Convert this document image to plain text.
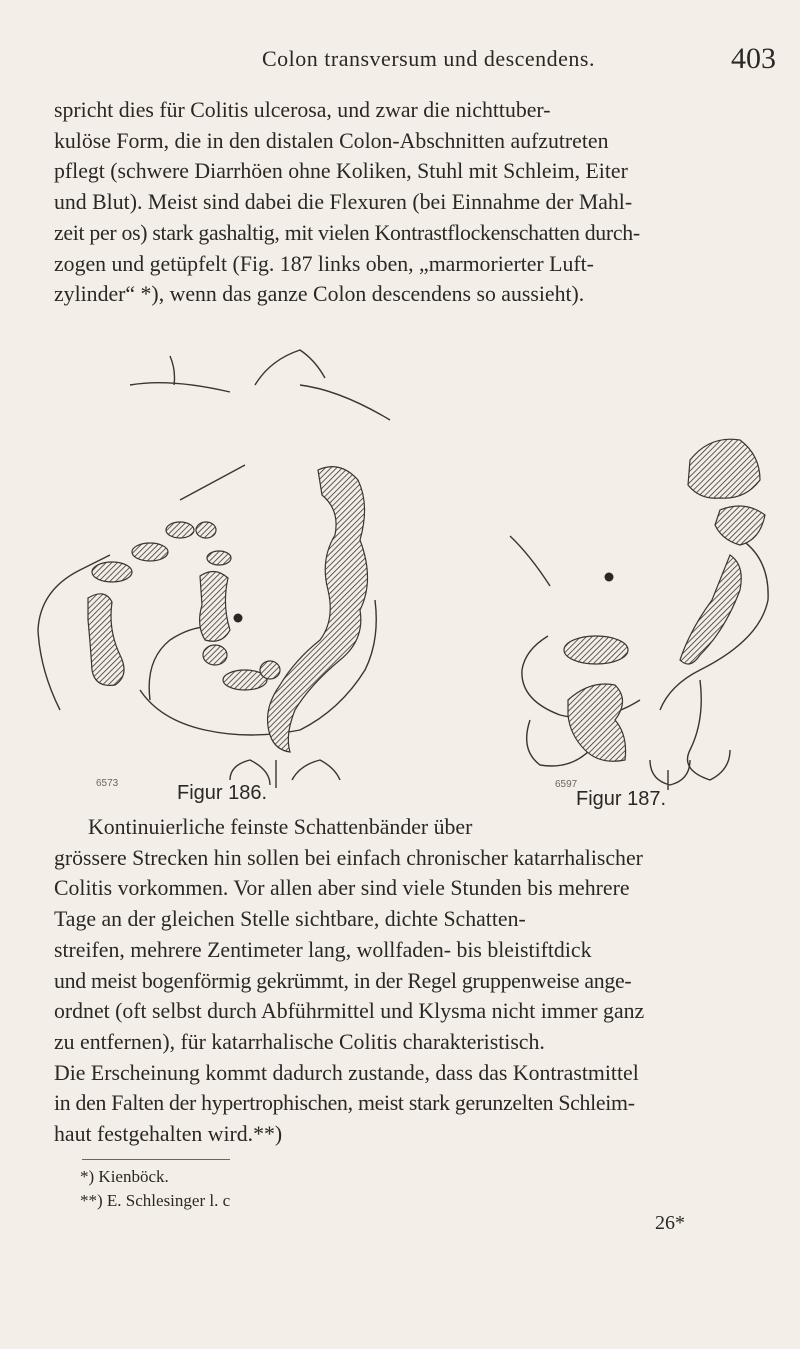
Colon transversum und descendens.	403

spricht dies für Colitis ulcerosa, und zwar die nichttuber-
kulöse Form, die in den distalen Colon-Abschnitten aufzutreten
pflegt (schwere Diarrhöen ohne Koliken, Stuhl mit Schleim, Eiter
und Blut). Meist sind dabei die Flexuren (bei Einnahme der Mahl-
zeit per os) stark gashaltig, mit vielen Kontrastflockenschatten durch-
zogen und getüpfelt (Fig. 187 links oben, „marmorierter Luft-
zylinder“ *), wenn das ganze Colon descendens so aussieht).

6573	6597
Figur 186.	Figur 187.

Kontinuierliche feinste Schattenbänder über
grössere Strecken hin sollen bei einfach chronischer katarrhalischer
Colitis vorkommen. Vor allen aber sind viele Stunden bis mehrere
Tage an der gleichen Stelle sichtbare, dichte Schatten-
streifen, mehrere Zentimeter lang, wollfaden- bis bleistiftdick
und meist bogenförmig gekrümmt, in der Regel gruppenweise ange-
ordnet (oft selbst durch Abführmittel und Klysma nicht immer ganz
zu entfernen), für katarrhalische Colitis charakteristisch.
Die Erscheinung kommt dadurch zustande, dass das Kontrastmittel
in den Falten der hypertrophischen, meist stark gerunzelten Schleim-
haut festgehalten wird.**)

*) Kienböck.
**) E. Schlesinger l. c
26*
